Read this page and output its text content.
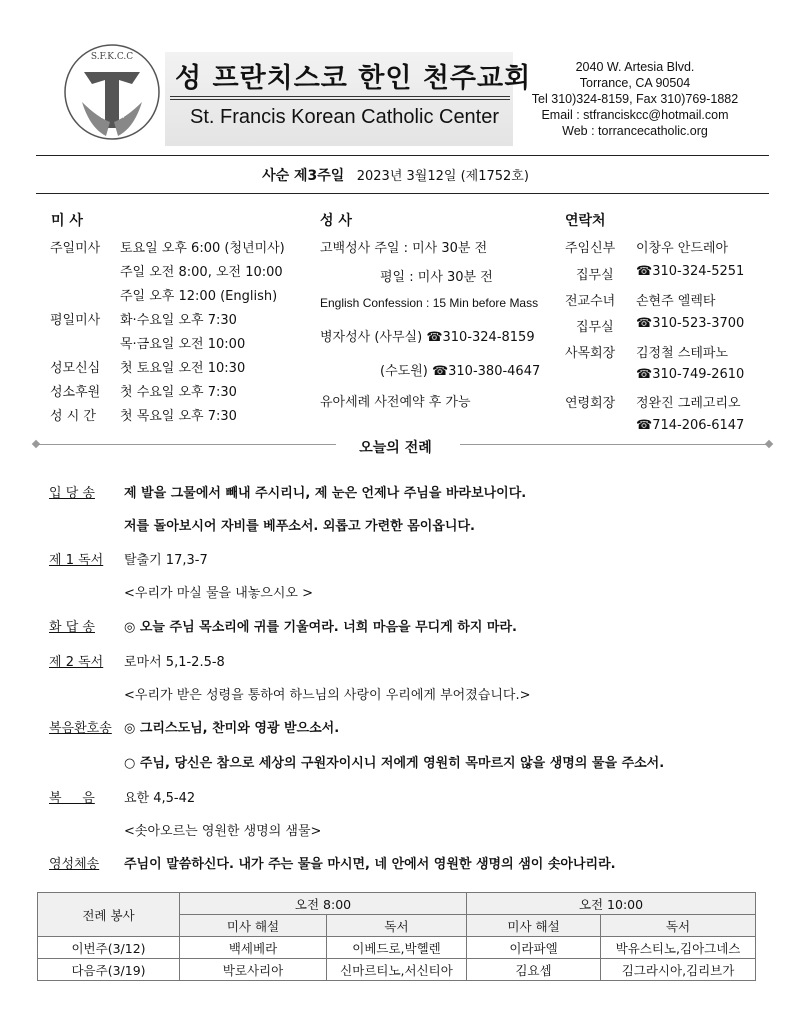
S.F.K.C.C
+ +
성 프란치스코 한인 천주교회
St. Francis Korean Catholic Center
2040 W. Artesia Blvd.
Torrance, CA 90504
Tel 310)324-8159, Fax 310)769-1882
Email : stfranciskcc@hotmail.com
Web : torrancecatholic.org
사순 제3주일 2023년 3월12일 (제1752호)
미 사
주일미사 토요일 오후 6:00 (청년미사)
주일 오전 8:00, 오전 10:00
주일 오후 12:00 (English)
평일미사 화·수요일 오후 7:30
목·금요일 오전 10:00
성모신심 첫 토요일 오전 10:30
성소후원 첫 수요일 오후 7:30
성 시 간 첫 목요일 오후 7:30
성 사
고백성사 주일 : 미사 30분 전
평일 : 미사 30분 전
English Confession : 15 Min before Mass
병자성사 (사무실) ☎310-324-8159
(수도원) ☎310-380-4647
유아세례 사전예약 후 가능
연락처
주임신부 이창우 안드레아
집무실 ☎310-324-5251
전교수녀 손현주 엘렉타
집무실 ☎310-523-3700
사목회장 김정철 스테파노
☎310-749-2610
연령회장 정완진 그레고리오
☎714-206-6147
오늘의 전례
입 당 송 제 발을 그물에서 빼내 주시리니, 제 눈은 언제나 주님을 바라보나이다.
저를 돌아보시어 자비를 베푸소서. 외롭고 가련한 몸이옵니다.
제 1 독서 탈출기 17,3-7
<우리가 마실 물을 내놓으시오 >
화 답 송 ◎ 오늘 주님 목소리에 귀를 기울여라. 너희 마음을 무디게 하지 마라.
제 2 독서 로마서 5,1-2.5-8
<우리가 받은 성령을 통하여 하느님의 사랑이 우리에게 부어졌습니다.>
복음환호송 ◎ 그리스도님, 찬미와 영광 받으소서.
○ 주님, 당신은 참으로 세상의 구원자이시니 저에게 영원히 목마르지 않을 생명의 물을 주소서.
복     음 요한 4,5-42
<솟아오르는 영원한 생명의 샘물>
영성체송 주님이 말씀하신다. 내가 주는 물을 마시면, 네 안에서 영원한 생명의 샘이 솟아나리라.
전례 봉사	오전 8:00		오전 10:00	
	미사 해설	독서	미사 해설	독서
이번주(3/12)	백세베라	이베드로,박헬렌	이라파엘	박유스티노,김아그네스
다음주(3/19)	박로사리아	신마르티노,서신티아	김요셉	김그라시아,김리브가
